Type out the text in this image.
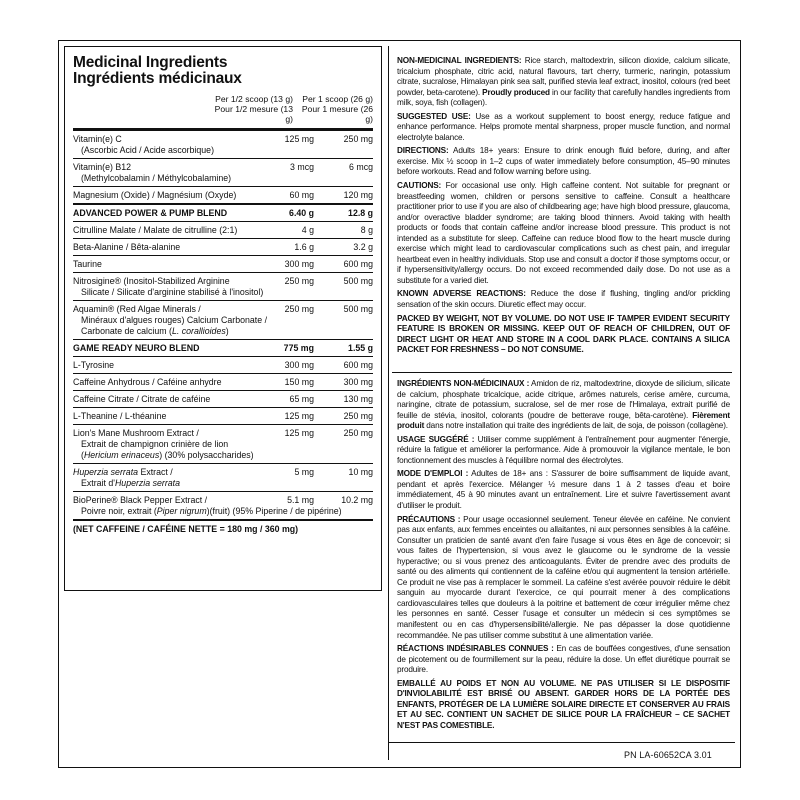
Medicinal Ingredients
Ingrédients médicinaux
Per 1/2 scoop (13 g)
Pour 1/2 mesure (13 g)
Per 1 scoop (26 g)
Pour 1 mesure (26 g)
Vitamin(e) C
(Ascorbic Acid / Acide ascorbique)
125 mg	250 mg
Vitamin(e) B12
(Methylcobalamin / Méthylcobalamine)
3 mcg	6 mcg
Magnesium (Oxide) / Magnésium (Oxyde)	60 mg	120 mg
ADVANCED POWER & PUMP BLEND	6.40 g	12.8 g
Citrulline Malate / Malate de citrulline (2:1)	4 g	8 g
Beta-Alanine / Bêta-alanine	1.6 g	3.2 g
Taurine	300 mg	600 mg
Nitrosigine® (Inositol-Stabilized Arginine
Silicate / Silicate d'arginine stabilisé à l'inositol)
250 mg	500 mg
Aquamin® (Red Algae Minerals /
Minéraux d'algues rouges) Calcium Carbonate /
Carbonate de calcium (L. corallioides)
250 mg	500 mg
GAME READY NEURO BLEND	775 mg	1.55 g
L-Tyrosine	300 mg	600 mg
Caffeine Anhydrous / Caféine anhydre	150 mg	300 mg
Caffeine Citrate / Citrate de caféine	65 mg	130 mg
L-Theanine / L-théanine	125 mg	250 mg
Lion's Mane Mushroom Extract /
Extrait de champignon crinière de lion
(Hericium erinaceus) (30% polysaccharides)
125 mg	250 mg
Huperzia serrata Extract /
Extrait d'Huperzia serrata
5 mg	10 mg
BioPerine® Black Pepper Extract /
Poivre noir, extrait (Piper nigrum)(fruit) (95% Piperine / de pipérine)
5.1 mg	10.2 mg
(NET CAFFEINE / CAFÉINE NETTE = 180 mg / 360 mg)

NON-MEDICINAL INGREDIENTS: Rice starch, maltodextrin, silicon dioxide, calcium silicate, tricalcium phosphate, citric acid, natural flavours, tart cherry, turmeric, naringin, potassium citrate, sucralose, Himalayan pink sea salt, purified stevia leaf extract, inositol, colours (red beet powder, beta-carotene). Proudly produced in our facility that carefully handles ingredients from milk, soya, fish (collagen).

SUGGESTED USE: Use as a workout supplement to boost energy, reduce fatigue and enhance performance. Helps promote mental sharpness, proper muscle function, and normal electrolyte balance.

DIRECTIONS: Adults 18+ years: Ensure to drink enough fluid before, during, and after exercise. Mix ½ scoop in 1–2 cups of water immediately before consumption, 45–90 minutes before workouts. Read and follow warning before using.

CAUTIONS: For occasional use only. High caffeine content. Not suitable for pregnant or breastfeeding women, children or persons sensitive to caffeine. Consult a healthcare practitioner prior to use if you are also of childbearing age; have high blood pressure, glaucoma, and/or overactive bladder syndrome; are taking blood thinners. Avoid taking with health products or foods that contain caffeine and/or increase blood pressure. This product is not intended as a substitute for sleep. Caffeine can reduce blood flow to the heart muscle during exercise which might lead to cardiovascular complications such as chest pain, and irregular heartbeat even in healthy individuals. Stop use and consult a doctor if those symptoms occur, or if hypersensitivity/allergy occurs. Do not exceed recommended daily dose. Do not use as a substitute for a varied diet.

KNOWN ADVERSE REACTIONS: Reduce the dose if flushing, tingling and/or prickling sensation of the skin occurs. Diuretic effect may occur.

PACKED BY WEIGHT, NOT BY VOLUME. DO NOT USE IF TAMPER EVIDENT SECURITY FEATURE IS BROKEN OR MISSING. KEEP OUT OF REACH OF CHILDREN, OUT OF DIRECT LIGHT OR HEAT AND STORE IN A COOL DARK PLACE. CONTAINS A SILICA PACKET FOR FRESHNESS – DO NOT CONSUME.

INGRÉDIENTS NON-MÉDICINAUX : Amidon de riz, maltodextrine, dioxyde de silicium, silicate de calcium, phosphate tricalcique, acide citrique, arômes naturels, cerise amère, curcuma, naringine, citrate de potassium, sucralose, sel de mer rose de l'Himalaya, extrait purifié de feuille de stévia, inositol, colorants (poudre de betterave rouge, bêta-carotène). Fièrement produit dans notre installation qui traite des ingrédients de lait, de soja, de poisson (collagène).

USAGE SUGGÉRÉ : Utiliser comme supplément à l'entraînement pour augmenter l'énergie, réduire la fatigue et améliorer la performance. Aide à promouvoir la vigilance mentale, le bon fonctionnement des muscles à l'équilibre normal des électrolytes.

MODE D'EMPLOI : Adultes de 18+ ans : S'assurer de boire suffisamment de liquide avant, pendant et après l'exercice. Mélanger ½ mesure dans 1 à 2 tasses d'eau et boire immédiatement, 45 à 90 minutes avant un entraînement. Lire et suivre l'avertissement avant d'utiliser le produit.

PRÉCAUTIONS : Pour usage occasionnel seulement. Teneur élevée en caféine. Ne convient pas aux enfants, aux femmes enceintes ou allaitantes, ni aux personnes sensibles à la caféine. Consulter un praticien de santé avant d'en faire l'usage si vous êtes en âge de concevoir; si vous faites de l'hypertension, si vous avez le glaucome ou le syndrome de la vessie hyperactive; ou si vous prenez des anticoagulants. Éviter de prendre avec des produits de santé ou des aliments qui contiennent de la caféine et/ou qui augmentent la tension artérielle. Ce produit ne vise pas à remplacer le sommeil. La caféine s'est avérée pouvoir réduire le débit sanguin au myocarde durant l'exercice, ce qui pourrait mener à des complications cardiovasculaires telles que douleurs à la poitrine et battement de cœur irrégulier même chez les personnes en santé. Cesser l'usage et consulter un médecin si ces symptômes se manifestent ou en cas d'hypersensibilité/allergie. Ne pas dépasser la dose quotidienne recommandée. Ne pas utiliser comme substitut à une alimentation variée.

RÉACTIONS INDÉSIRABLES CONNUES : En cas de bouffées congestives, d'une sensation de picotement ou de fourmillement sur la peau, réduire la dose. Un effet diurétique pourrait se produire.

EMBALLÉ AU POIDS ET NON AU VOLUME. NE PAS UTILISER SI LE DISPOSITIF D'INVIOLABILITÉ EST BRISÉ OU ABSENT. GARDER HORS DE LA PORTÉE DES ENFANTS, PROTÉGER DE LA LUMIÈRE SOLAIRE DIRECTE ET CONSERVER AU FRAIS ET AU SEC. CONTIENT UN SACHET DE SILICE POUR LA FRAÎCHEUR – CE SACHET N'EST PAS COMESTIBLE.

PN LA-60652CA 3.01
